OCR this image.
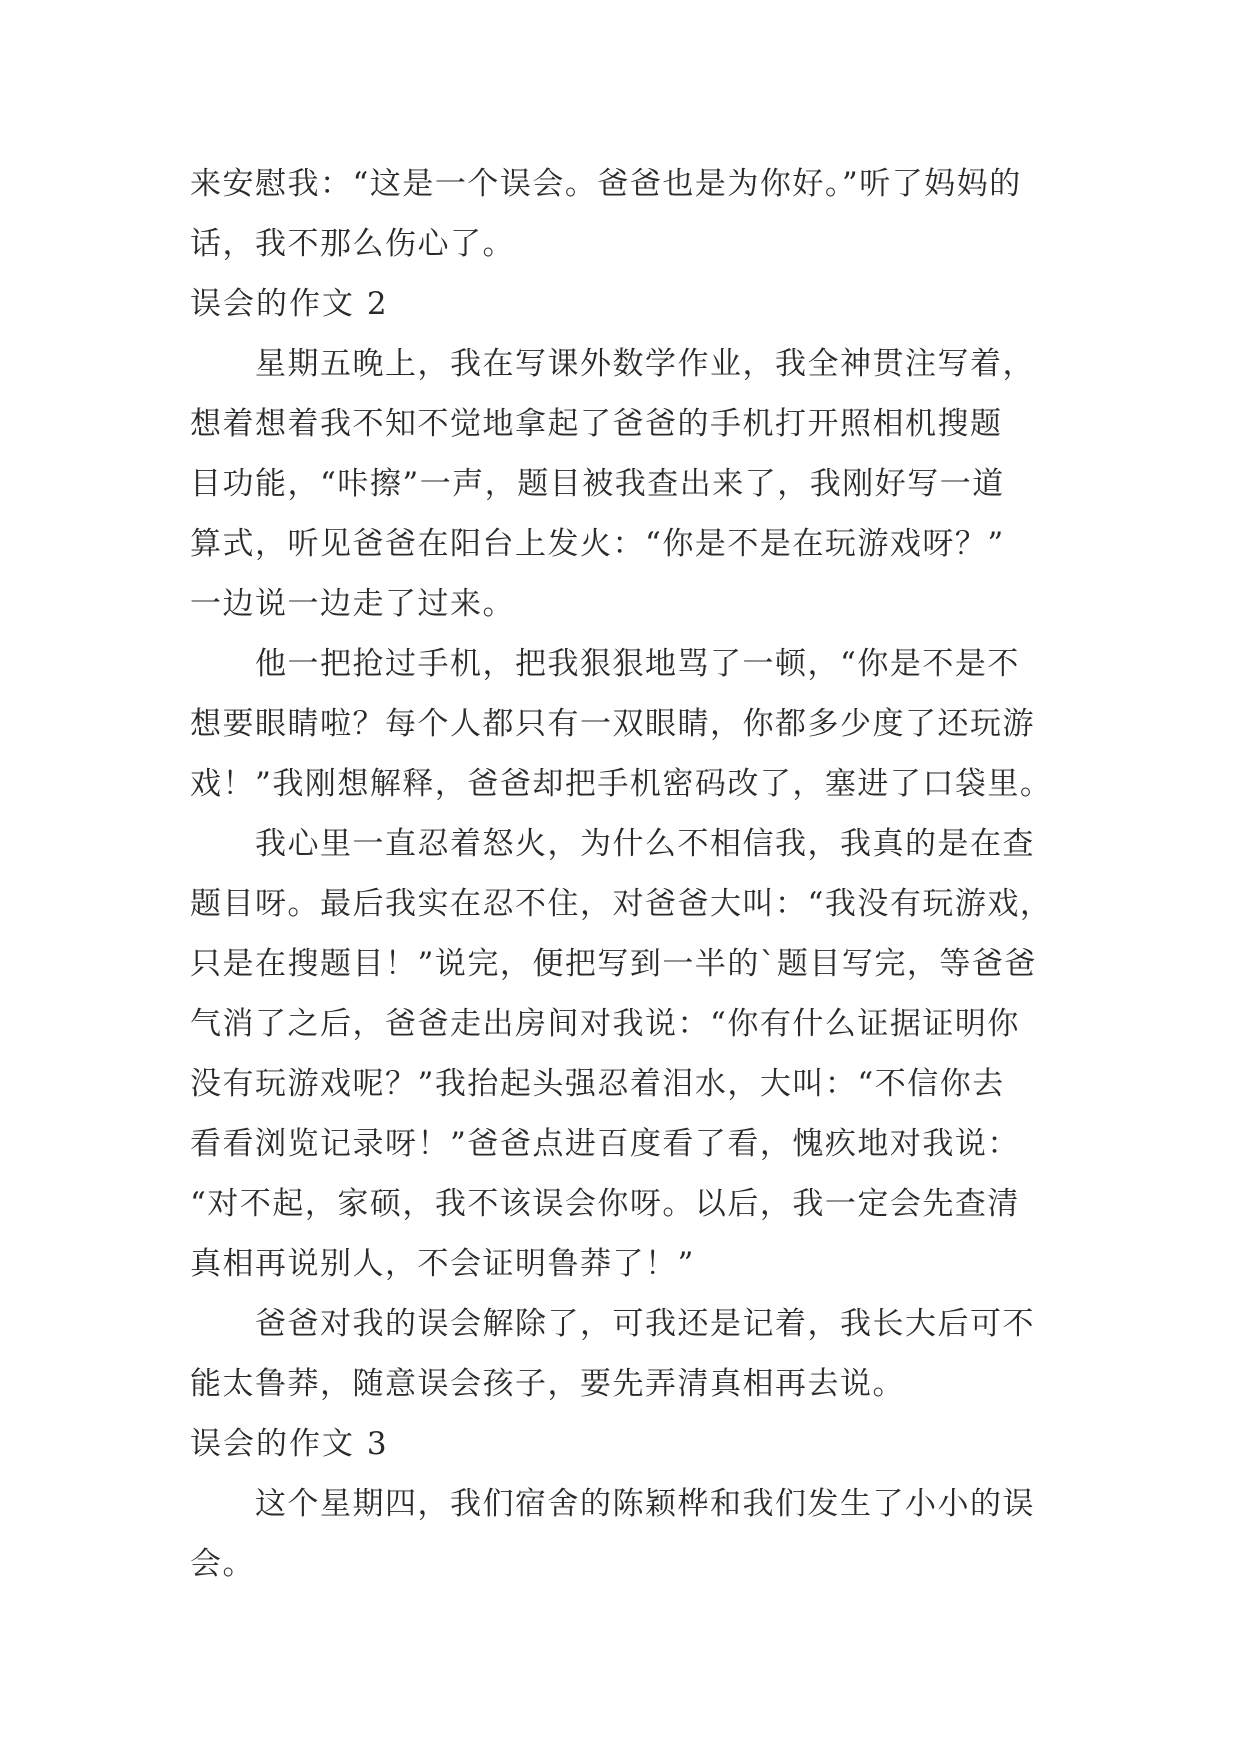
来安慰我：“这是一个误会。爸爸也是为你好。”听了妈妈的
话，我不那么伤心了。
误会的作文 2
　　星期五晚上，我在写课外数学作业，我全神贯注写着，
想着想着我不知不觉地拿起了爸爸的手机打开照相机搜题
目功能，“咔擦”一声，题目被我查出来了，我刚好写一道
算式，听见爸爸在阳台上发火：“你是不是在玩游戏呀？”
一边说一边走了过来。
　　他一把抢过手机，把我狠狠地骂了一顿，“你是不是不
想要眼睛啦？每个人都只有一双眼睛，你都多少度了还玩游
戏！”我刚想解释，爸爸却把手机密码改了，塞进了口袋里。
　　我心里一直忍着怒火，为什么不相信我，我真的是在查
题目呀。最后我实在忍不住，对爸爸大叫：“我没有玩游戏，
只是在搜题目！”说完，便把写到一半的`题目写完，等爸爸
气消了之后，爸爸走出房间对我说：“你有什么证据证明你
没有玩游戏呢？”我抬起头强忍着泪水，大叫：“不信你去
看看浏览记录呀！”爸爸点进百度看了看，愧疚地对我说：
“对不起，家硕，我不该误会你呀。以后，我一定会先查清
真相再说别人，不会证明鲁莽了！”
　　爸爸对我的误会解除了，可我还是记着，我长大后可不
能太鲁莽，随意误会孩子，要先弄清真相再去说。
误会的作文 3
　　这个星期四，我们宿舍的陈颖桦和我们发生了小小的误
会。
